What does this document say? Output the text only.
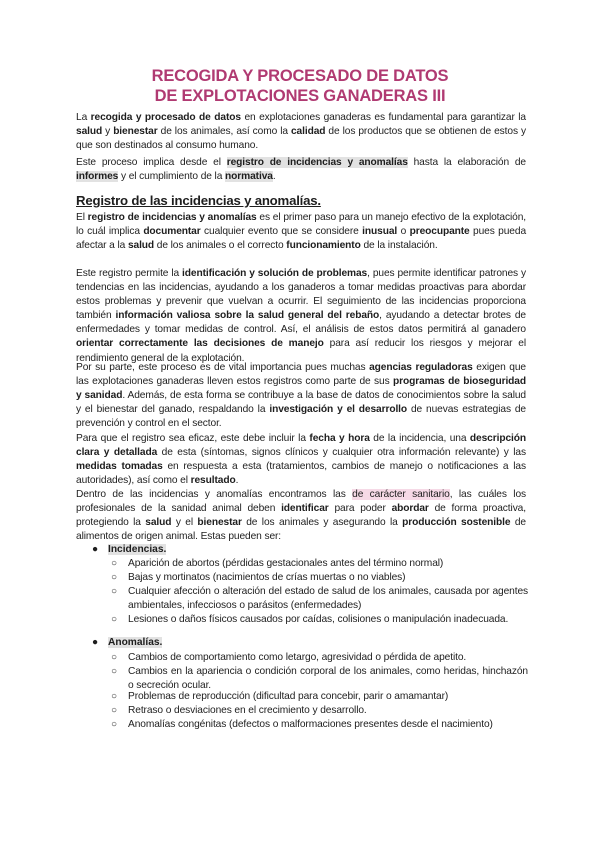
RECOGIDA Y PROCESADO DE DATOS
DE EXPLOTACIONES GANADERAS III
La recogida y procesado de datos en explotaciones ganaderas es fundamental para garantizar la salud y bienestar de los animales, así como la calidad de los productos que se obtienen de estos y que son destinados al consumo humano.
Este proceso implica desde el registro de incidencias y anomalías hasta la elaboración de informes y el cumplimiento de la normativa.
Registro de las incidencias y anomalías.
El registro de incidencias y anomalías es el primer paso para un manejo efectivo de la explotación, lo cuál implica documentar cualquier evento que se considere inusual o preocupante pues pueda afectar a la salud de los animales o el correcto funcionamiento de la instalación.
Este registro permite la identificación y solución de problemas, pues permite identificar patrones y tendencias en las incidencias, ayudando a los ganaderos a tomar medidas proactivas para abordar estos problemas y prevenir que vuelvan a ocurrir. El seguimiento de las incidencias proporciona también información valiosa sobre la salud general del rebaño, ayudando a detectar brotes de enfermedades y tomar medidas de control. Así, el análisis de estos datos permitirá al ganadero orientar correctamente las decisiones de manejo para así reducir los riesgos y mejorar el rendimiento general de la explotación.
Por su parte, este proceso es de vital importancia pues muchas agencias reguladoras exigen que las explotaciones ganaderas lleven estos registros como parte de sus programas de bioseguridad y sanidad. Además, de esta forma se contribuye a la base de datos de conocimientos sobre la salud y el bienestar del ganado, respaldando la investigación y el desarrollo de nuevas estrategias de prevención y control en el sector.
Para que el registro sea eficaz, este debe incluir la fecha y hora de la incidencia, una descripción clara y detallada de esta (síntomas, signos clínicos y cualquier otra información relevante) y las medidas tomadas en respuesta a esta (tratamientos, cambios de manejo o notificaciones a las autoridades), así como el resultado.
Dentro de las incidencias y anomalías encontramos las de carácter sanitario, las cuáles los profesionales de la sanidad animal deben identificar para poder abordar de forma proactiva, protegiendo la salud y el bienestar de los animales y asegurando la producción sostenible de alimentos de origen animal. Estas pueden ser:
● Incidencias.
○ Aparición de abortos (pérdidas gestacionales antes del término normal)
○ Bajas y mortinatos (nacimientos de crías muertas o no viables)
○ Cualquier afección o alteración del estado de salud de los animales, causada por agentes ambientales, infecciosos o parásitos (enfermedades)
○ Lesiones o daños físicos causados por caídas, colisiones o manipulación inadecuada.
● Anomalías.
○ Cambios de comportamiento como letargo, agresividad o pérdida de apetito.
○ Cambios en la apariencia o condición corporal de los animales, como heridas, hinchazón o secreción ocular.
○ Problemas de reproducción (dificultad para concebir, parir o amamantar)
○ Retraso o desviaciones en el crecimiento y desarrollo.
○ Anomalías congénitas (defectos o malformaciones presentes desde el nacimiento)
